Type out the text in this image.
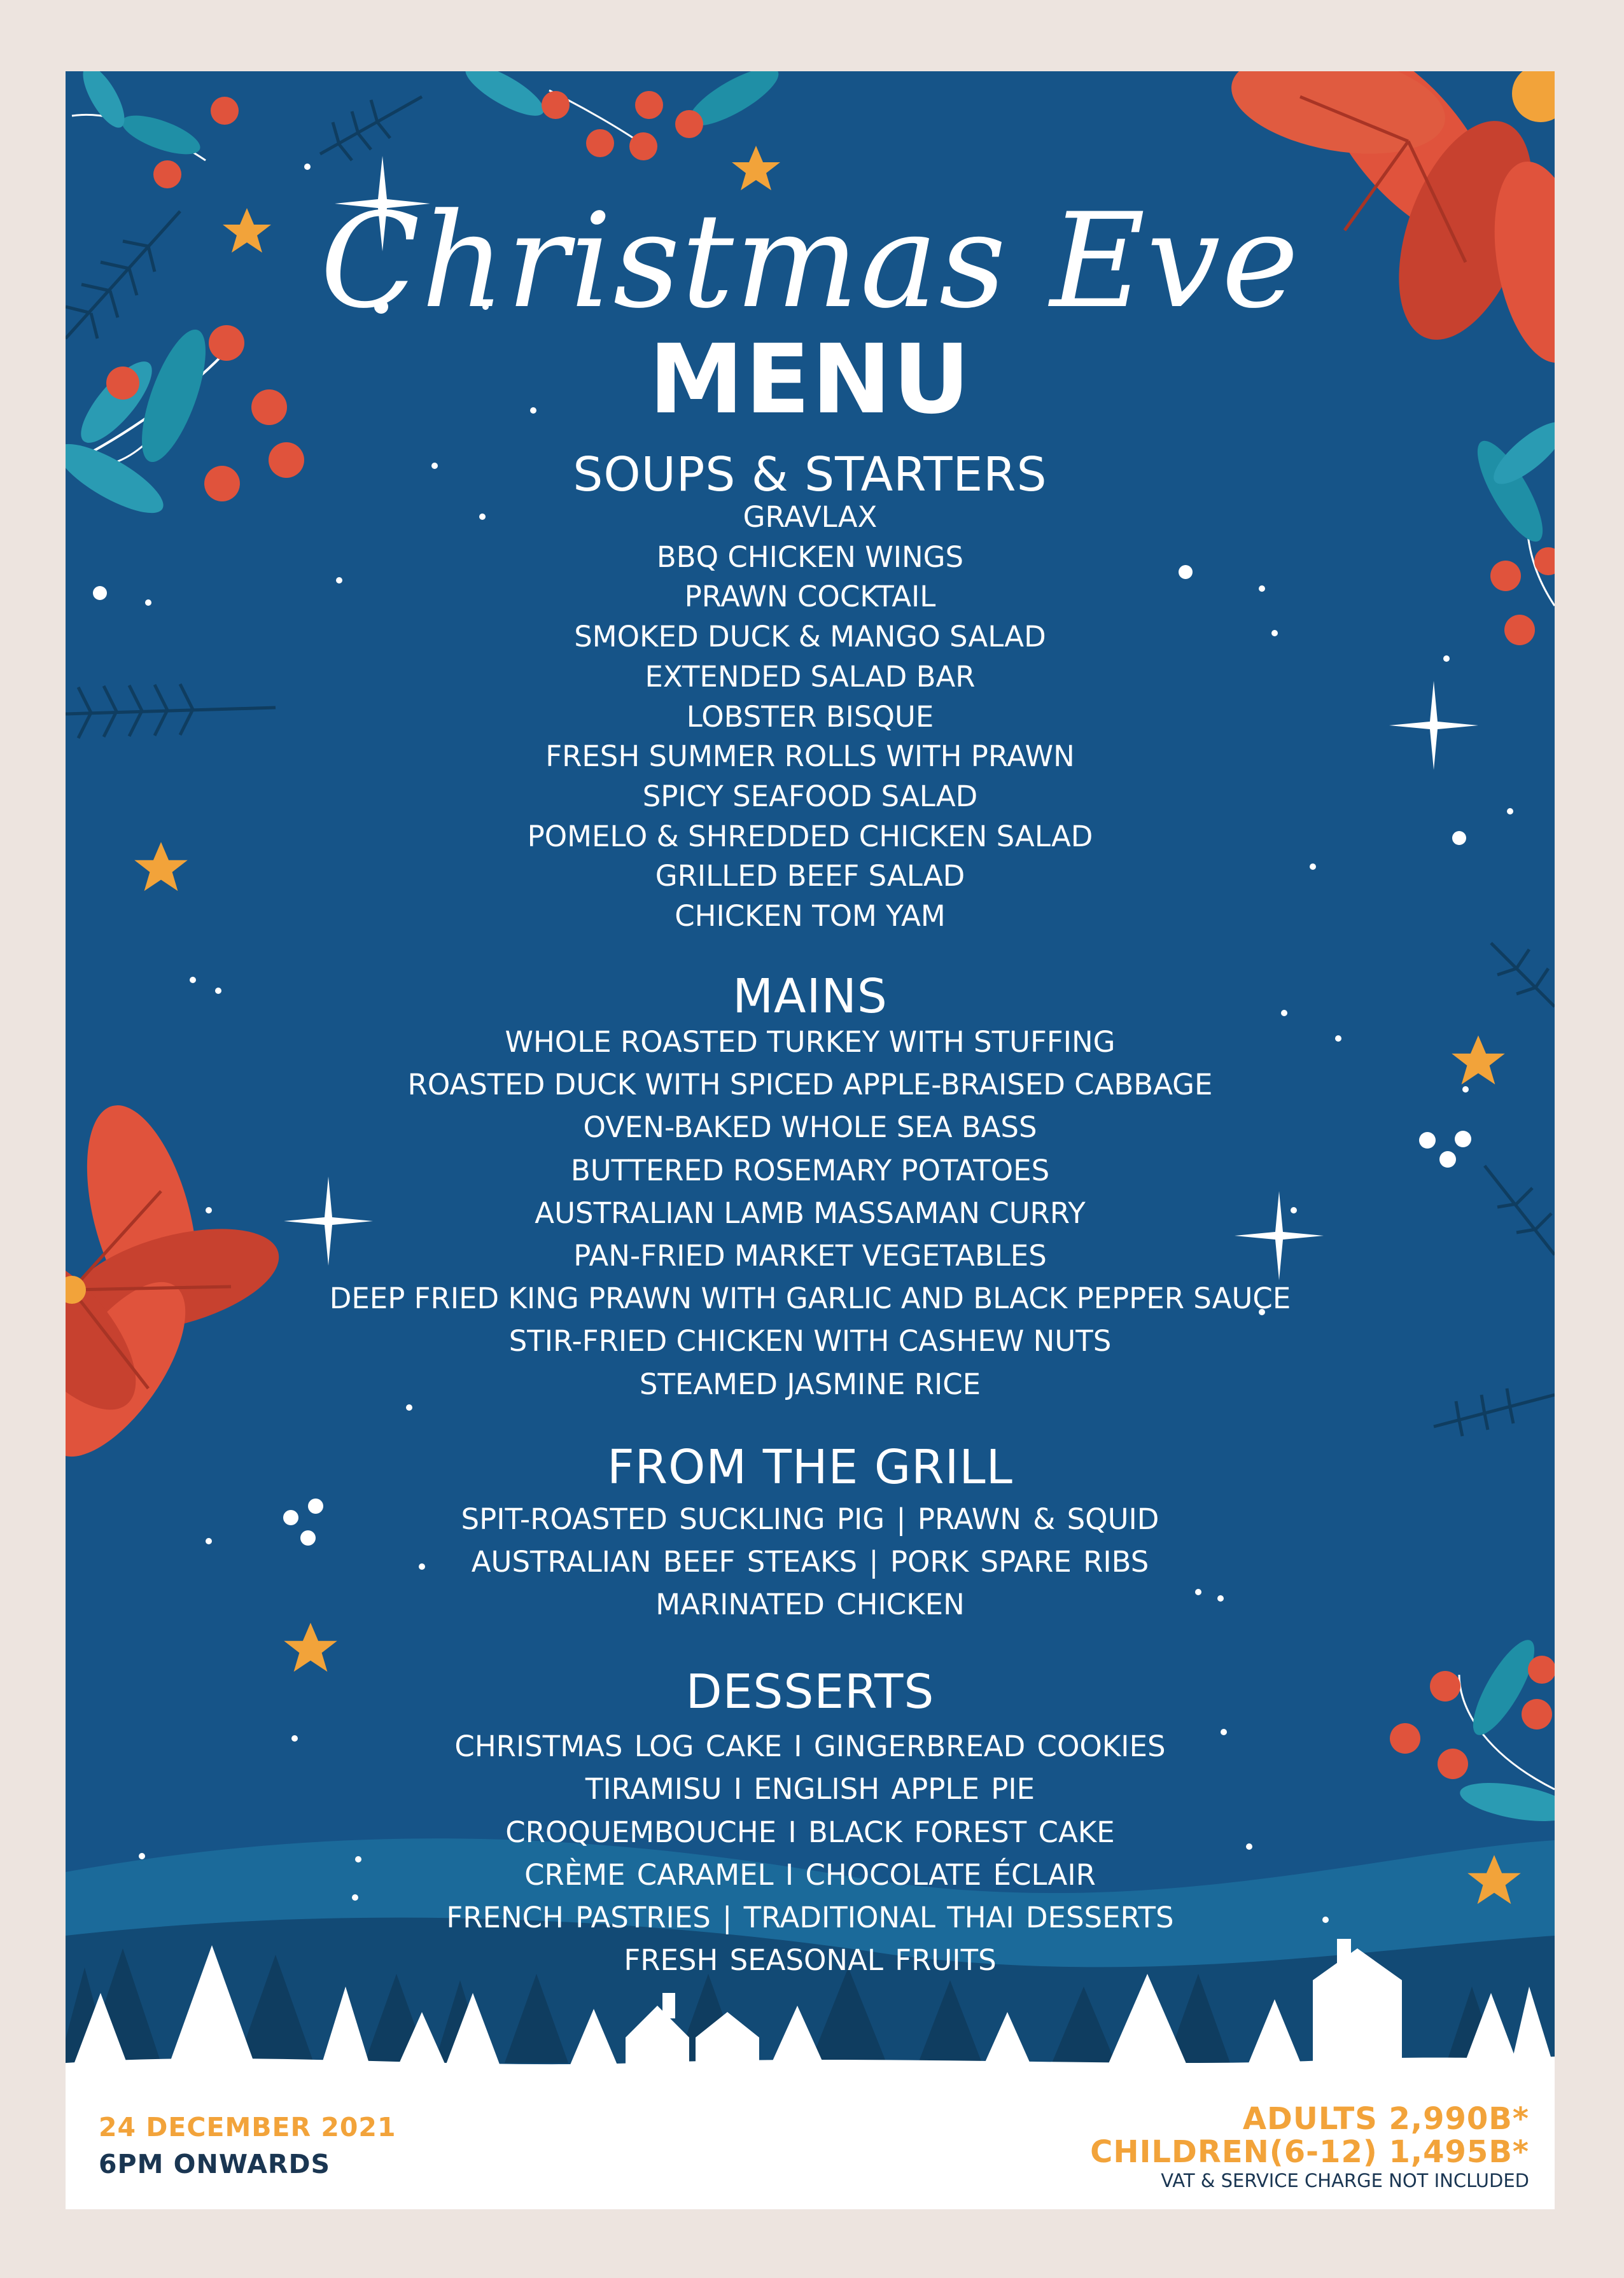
Christmas Eve
MENU
SOUPS & STARTERS
GRAVLAX
BBQ CHICKEN WINGS
PRAWN COCKTAIL
SMOKED DUCK & MANGO SALAD
EXTENDED SALAD BAR
LOBSTER BISQUE
FRESH SUMMER ROLLS WITH PRAWN
SPICY SEAFOOD SALAD
POMELO & SHREDDED CHICKEN SALAD
GRILLED BEEF SALAD
CHICKEN TOM YAM
MAINS
WHOLE ROASTED TURKEY WITH STUFFING
ROASTED DUCK WITH SPICED APPLE-BRAISED CABBAGE
OVEN-BAKED WHOLE SEA BASS
BUTTERED ROSEMARY POTATOES
AUSTRALIAN LAMB MASSAMAN CURRY
PAN-FRIED MARKET VEGETABLES
DEEP FRIED KING PRAWN WITH GARLIC AND BLACK PEPPER SAUCE
STIR-FRIED CHICKEN WITH CASHEW NUTS
STEAMED JASMINE RICE
FROM THE GRILL
SPIT-ROASTED SUCKLING PIG | PRAWN & SQUID
AUSTRALIAN BEEF STEAKS | PORK SPARE RIBS
MARINATED CHICKEN
DESSERTS
CHRISTMAS LOG CAKE I GINGERBREAD COOKIES
TIRAMISU I ENGLISH APPLE PIE
CROQUEMBOUCHE I BLACK FOREST CAKE
CRÈME CARAMEL I CHOCOLATE ÉCLAIR
FRENCH PASTRIES | TRADITIONAL THAI DESSERTS
FRESH SEASONAL FRUITS
24 DECEMBER 2021
6PM ONWARDS
ADULTS 2,990B*
CHILDREN(6-12) 1,495B*
VAT & SERVICE CHARGE NOT INCLUDED
